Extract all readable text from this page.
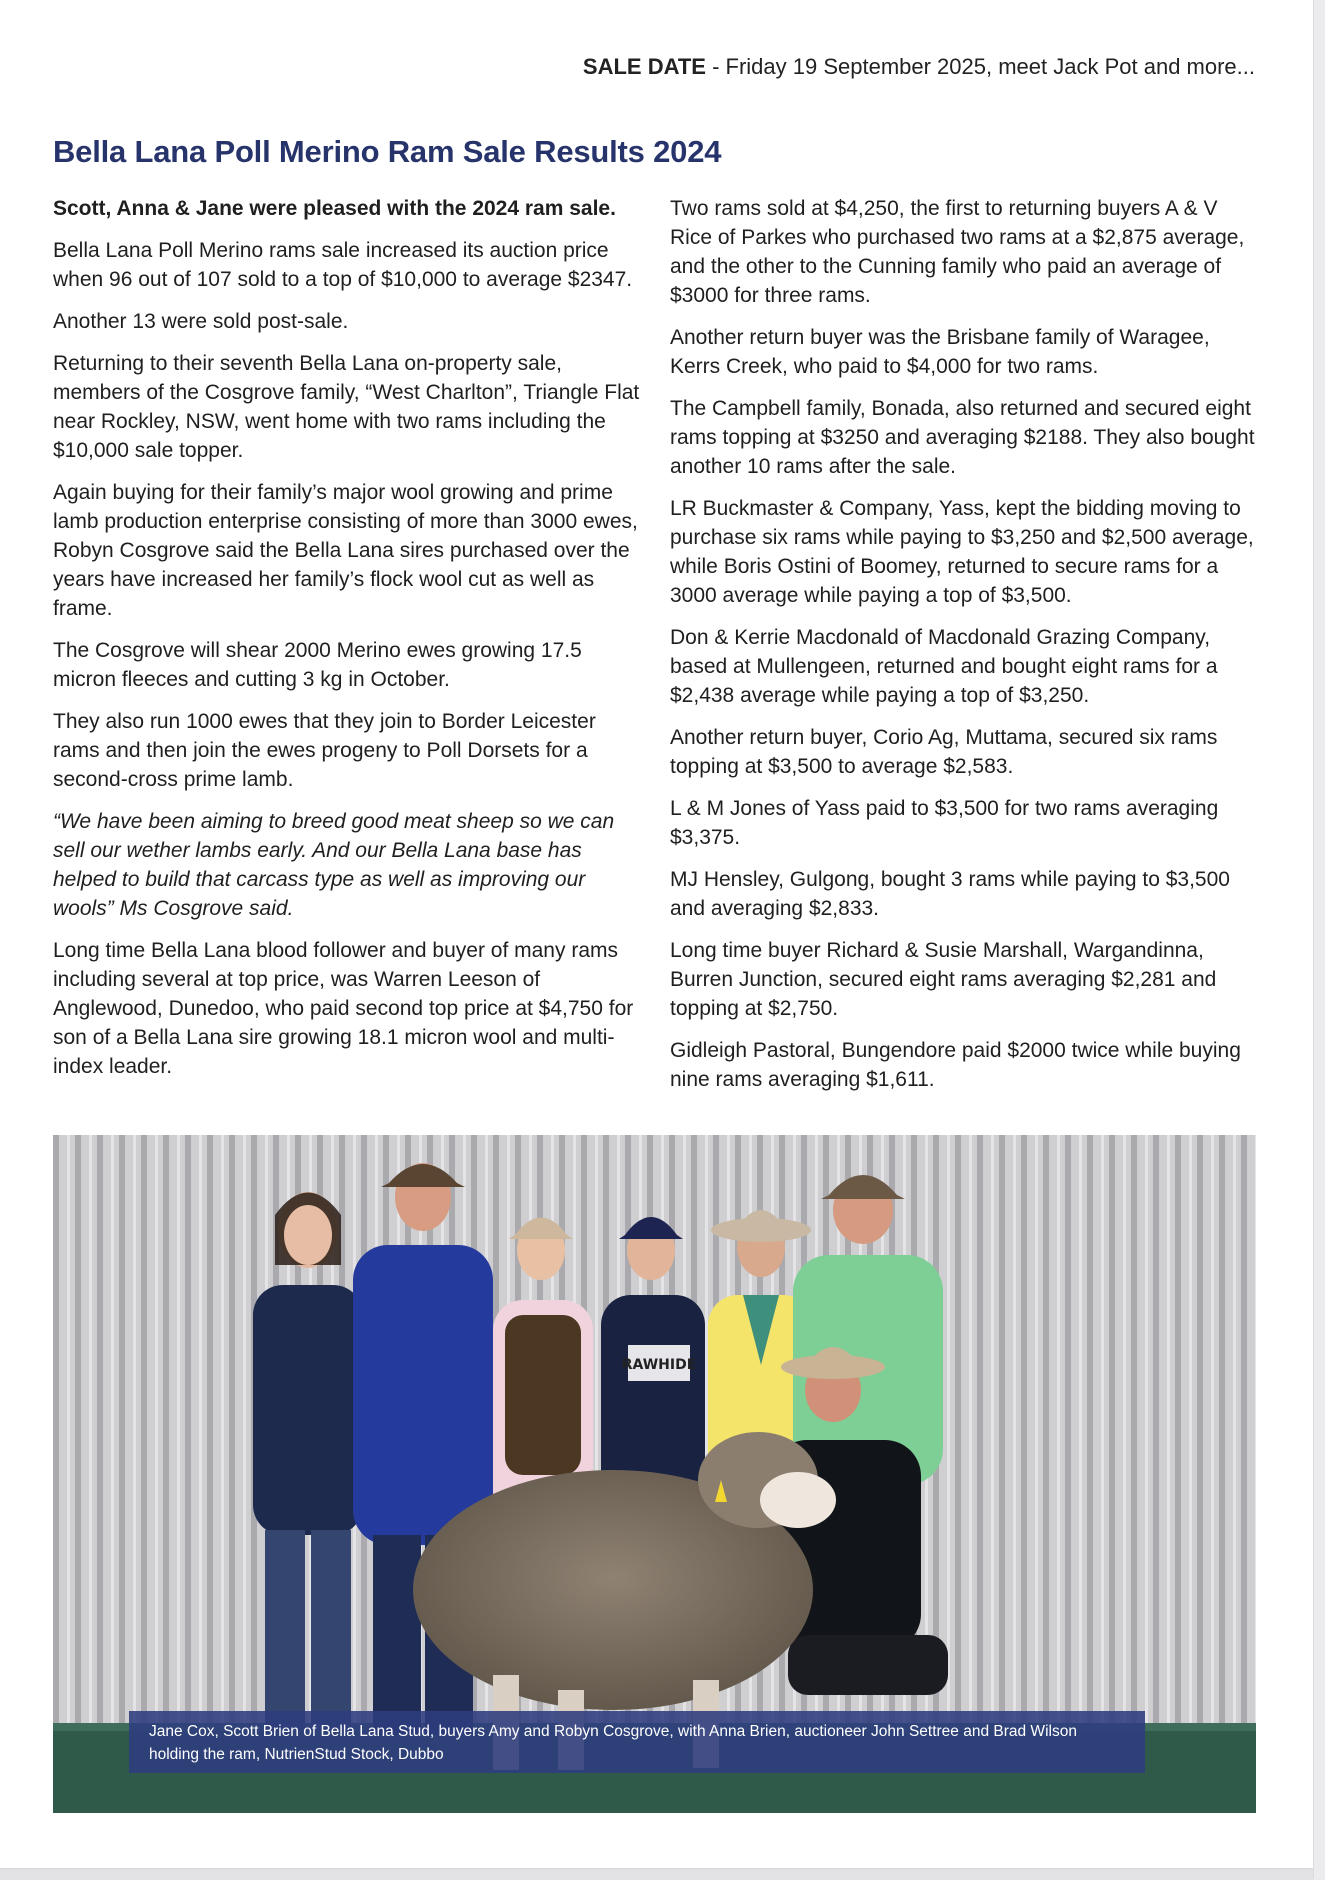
SALE DATE - Friday 19 September 2025, meet Jack Pot and more...
Bella Lana Poll Merino Ram Sale Results 2024

Scott, Anna & Jane were pleased with the 2024 ram sale.

Bella Lana Poll Merino rams sale increased its auction price when 96 out of 107 sold to a top of $10,000 to average $2347.

Another 13 were sold post-sale.

Returning to their seventh Bella Lana on-property sale, members of the Cosgrove family, “West Charlton”, Triangle Flat near Rockley, NSW, went home with two rams including the $10,000 sale topper.

Again buying for their family’s major wool growing and prime lamb production enterprise consisting of more than 3000 ewes, Robyn Cosgrove said the Bella Lana sires purchased over the years have increased her family’s flock wool cut as well as frame.

The Cosgrove will shear 2000 Merino ewes growing 17.5 micron fleeces and cutting 3 kg in October.

They also run 1000 ewes that they join to Border Leicester rams and then join the ewes progeny to Poll Dorsets for a second-cross prime lamb.

“We have been aiming to breed good meat sheep so we can sell our wether lambs early. And our Bella Lana base has helped to build that carcass type as well as improving our wools” Ms Cosgrove said.

Long time Bella Lana blood follower and buyer of many rams including several at top price, was Warren Leeson of Anglewood, Dunedoo, who paid second top price at $4,750 for son of a Bella Lana sire growing 18.1 micron wool and multi-index leader.

Two rams sold at $4,250, the first to returning buyers A & V Rice of Parkes who purchased two rams at a $2,875 average, and the other to the Cunning family who paid an average of $3000 for three rams.

Another return buyer was the Brisbane family of Waragee, Kerrs Creek, who paid to $4,000 for two rams.

The Campbell family, Bonada, also returned and secured eight rams topping at $3250 and averaging $2188. They also bought another 10 rams after the sale.

LR Buckmaster & Company, Yass, kept the bidding moving to purchase six rams while paying to $3,250 and $2,500 average, while Boris Ostini of Boomey, returned to secure rams for a 3000 average while paying a top of $3,500.

Don & Kerrie Macdonald of Macdonald Grazing Company, based at Mullengeen, returned and bought eight rams for a $2,438 average while paying a top of $3,250.

Another return buyer, Corio Ag, Muttama, secured six rams topping at $3,500 to average $2,583.

L & M Jones of Yass paid to $3,500 for two rams averaging $3,375.

MJ Hensley, Gulgong, bought 3 rams while paying to $3,500 and averaging $2,833.

Long time buyer Richard & Susie Marshall, Wargandinna, Burren Junction, secured eight rams averaging $2,281 and topping at $2,750.

Gidleigh Pastoral, Bungendore paid $2000 twice while buying nine rams averaging $1,611.

RAWHIDE
Jane Cox, Scott Brien of Bella Lana Stud, buyers Amy and Robyn Cosgrove, with Anna Brien, auctioneer John Settree and Brad Wilson holding the ram, NutrienStud Stock, Dubbo
